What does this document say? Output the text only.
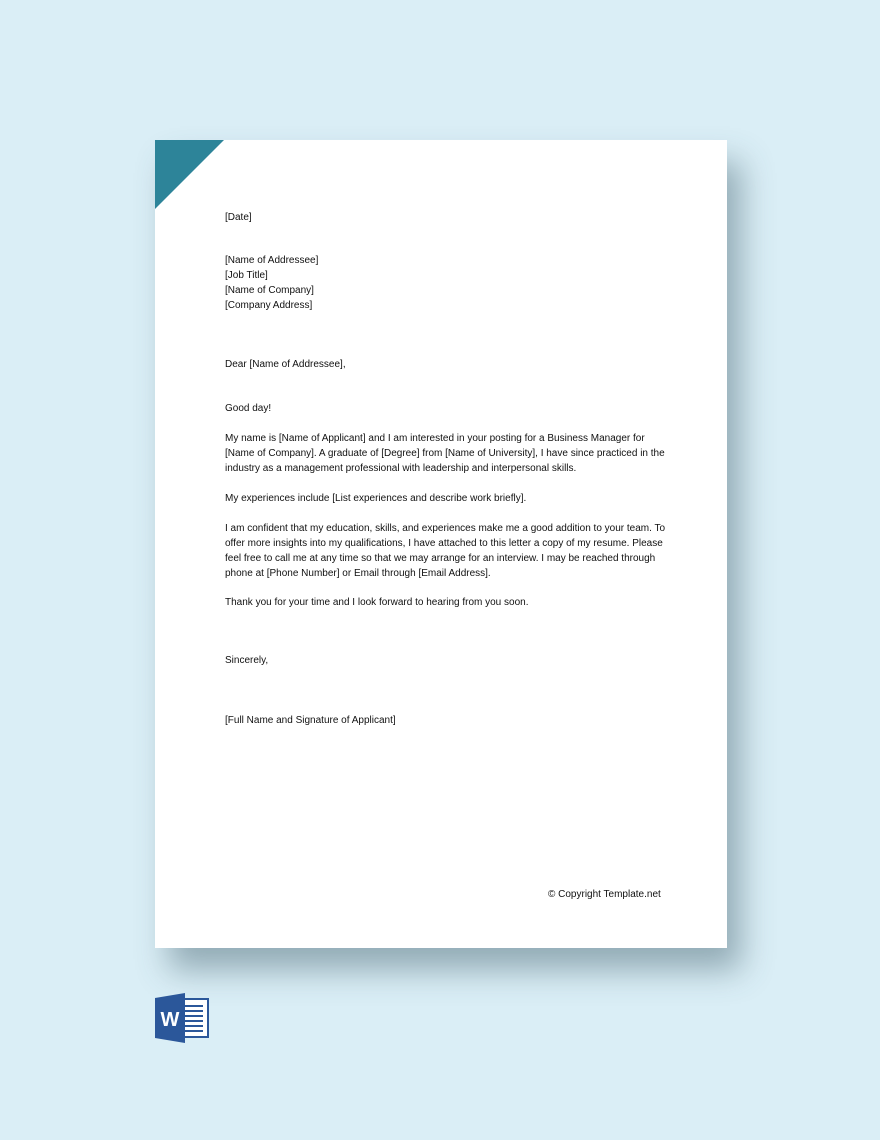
[Date]
[Name of Addressee]
[Job Title]
[Name of Company]
[Company Address]
Dear [Name of Addressee],
Good day!
My name is [Name of Applicant] and I am interested in your posting for a Business Manager for
[Name of Company]. A graduate of [Degree] from [Name of University], I have since practiced in the
industry as a management professional with leadership and interpersonal skills.
My experiences include [List experiences and describe work briefly].
I am confident that my education, skills, and experiences make me a good addition to your team. To
offer more insights into my qualifications, I have attached to this letter a copy of my resume. Please
feel free to call me at any time so that we may arrange for an interview. I may be reached through
phone at [Phone Number] or Email through [Email Address].
Thank you for your time and I look forward to hearing from you soon.
Sincerely,
[Full Name and Signature of Applicant]
© Copyright Template.net
W
